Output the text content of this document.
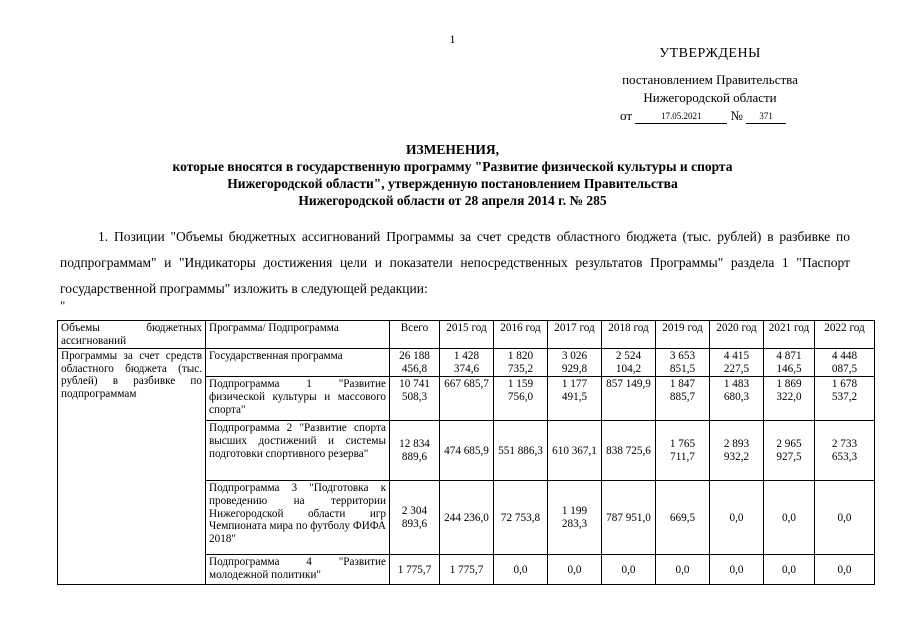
1
УТВЕРЖДЕНЫ
постановлением Правительства
Нижегородской области
от	17.05.2021 № 371
ИЗМЕНЕНИЯ,
которые вносятся в государственную программу "Развитие физической культуры и спорта
Нижегородской области", утвержденную постановлением Правительства
Нижегородской области от 28 апреля 2014 г. № 285
1. Позиции "Объемы бюджетных ассигнований Программы за счет средств областного бюджета (тыс. рублей) в разбивке по подпрограммам" и "Индикаторы достижения цели и показатели непосредственных результатов Программы" раздела 1 "Паспорт государственной программы" изложить в следующей редакции:
"
Объемы бюджетных ассигнований	Программа/ Подпрограмма	Всего	2015 год	2016 год	2017 год	2018 год	2019 год	2020 год	2021 год	2022 год
Программы за счет средств областного бюджета (тыс. рублей) в разбивке по подпрограммам	Государственная программа	26 188 456,8	1 428 374,6	1 820 735,2	3 026 929,8	2 524 104,2	3 653 851,5	4 415 227,5	4 871 146,5	4 448 087,5
	Подпрограмма 1 "Развитие физической культуры и массового спорта"	10 741 508,3	667 685,7	1 159 756,0	1 177 491,5	857 149,9	1 847 885,7	1 483 680,3	1 869 322,0	1 678 537,2
	Подпрограмма 2 "Развитие спорта высших достижений и системы подготовки спортивного резерва"	12 834 889,6	474 685,9	551 886,3	610 367,1	838 725,6	1 765 711,7	2 893 932,2	2 965 927,5	2 733 653,3
	Подпрограмма 3 "Подготовка к проведению на территории Нижегородской области игр Чемпионата мира по футболу ФИФА 2018"	2 304 893,6	244 236,0	72 753,8	1 199 283,3	787 951,0	669,5	0,0	0,0	0,0
	Подпрограмма 4 "Развитие молодежной политики"	1 775,7	1 775,7	0,0	0,0	0,0	0,0	0,0	0,0	0,0
